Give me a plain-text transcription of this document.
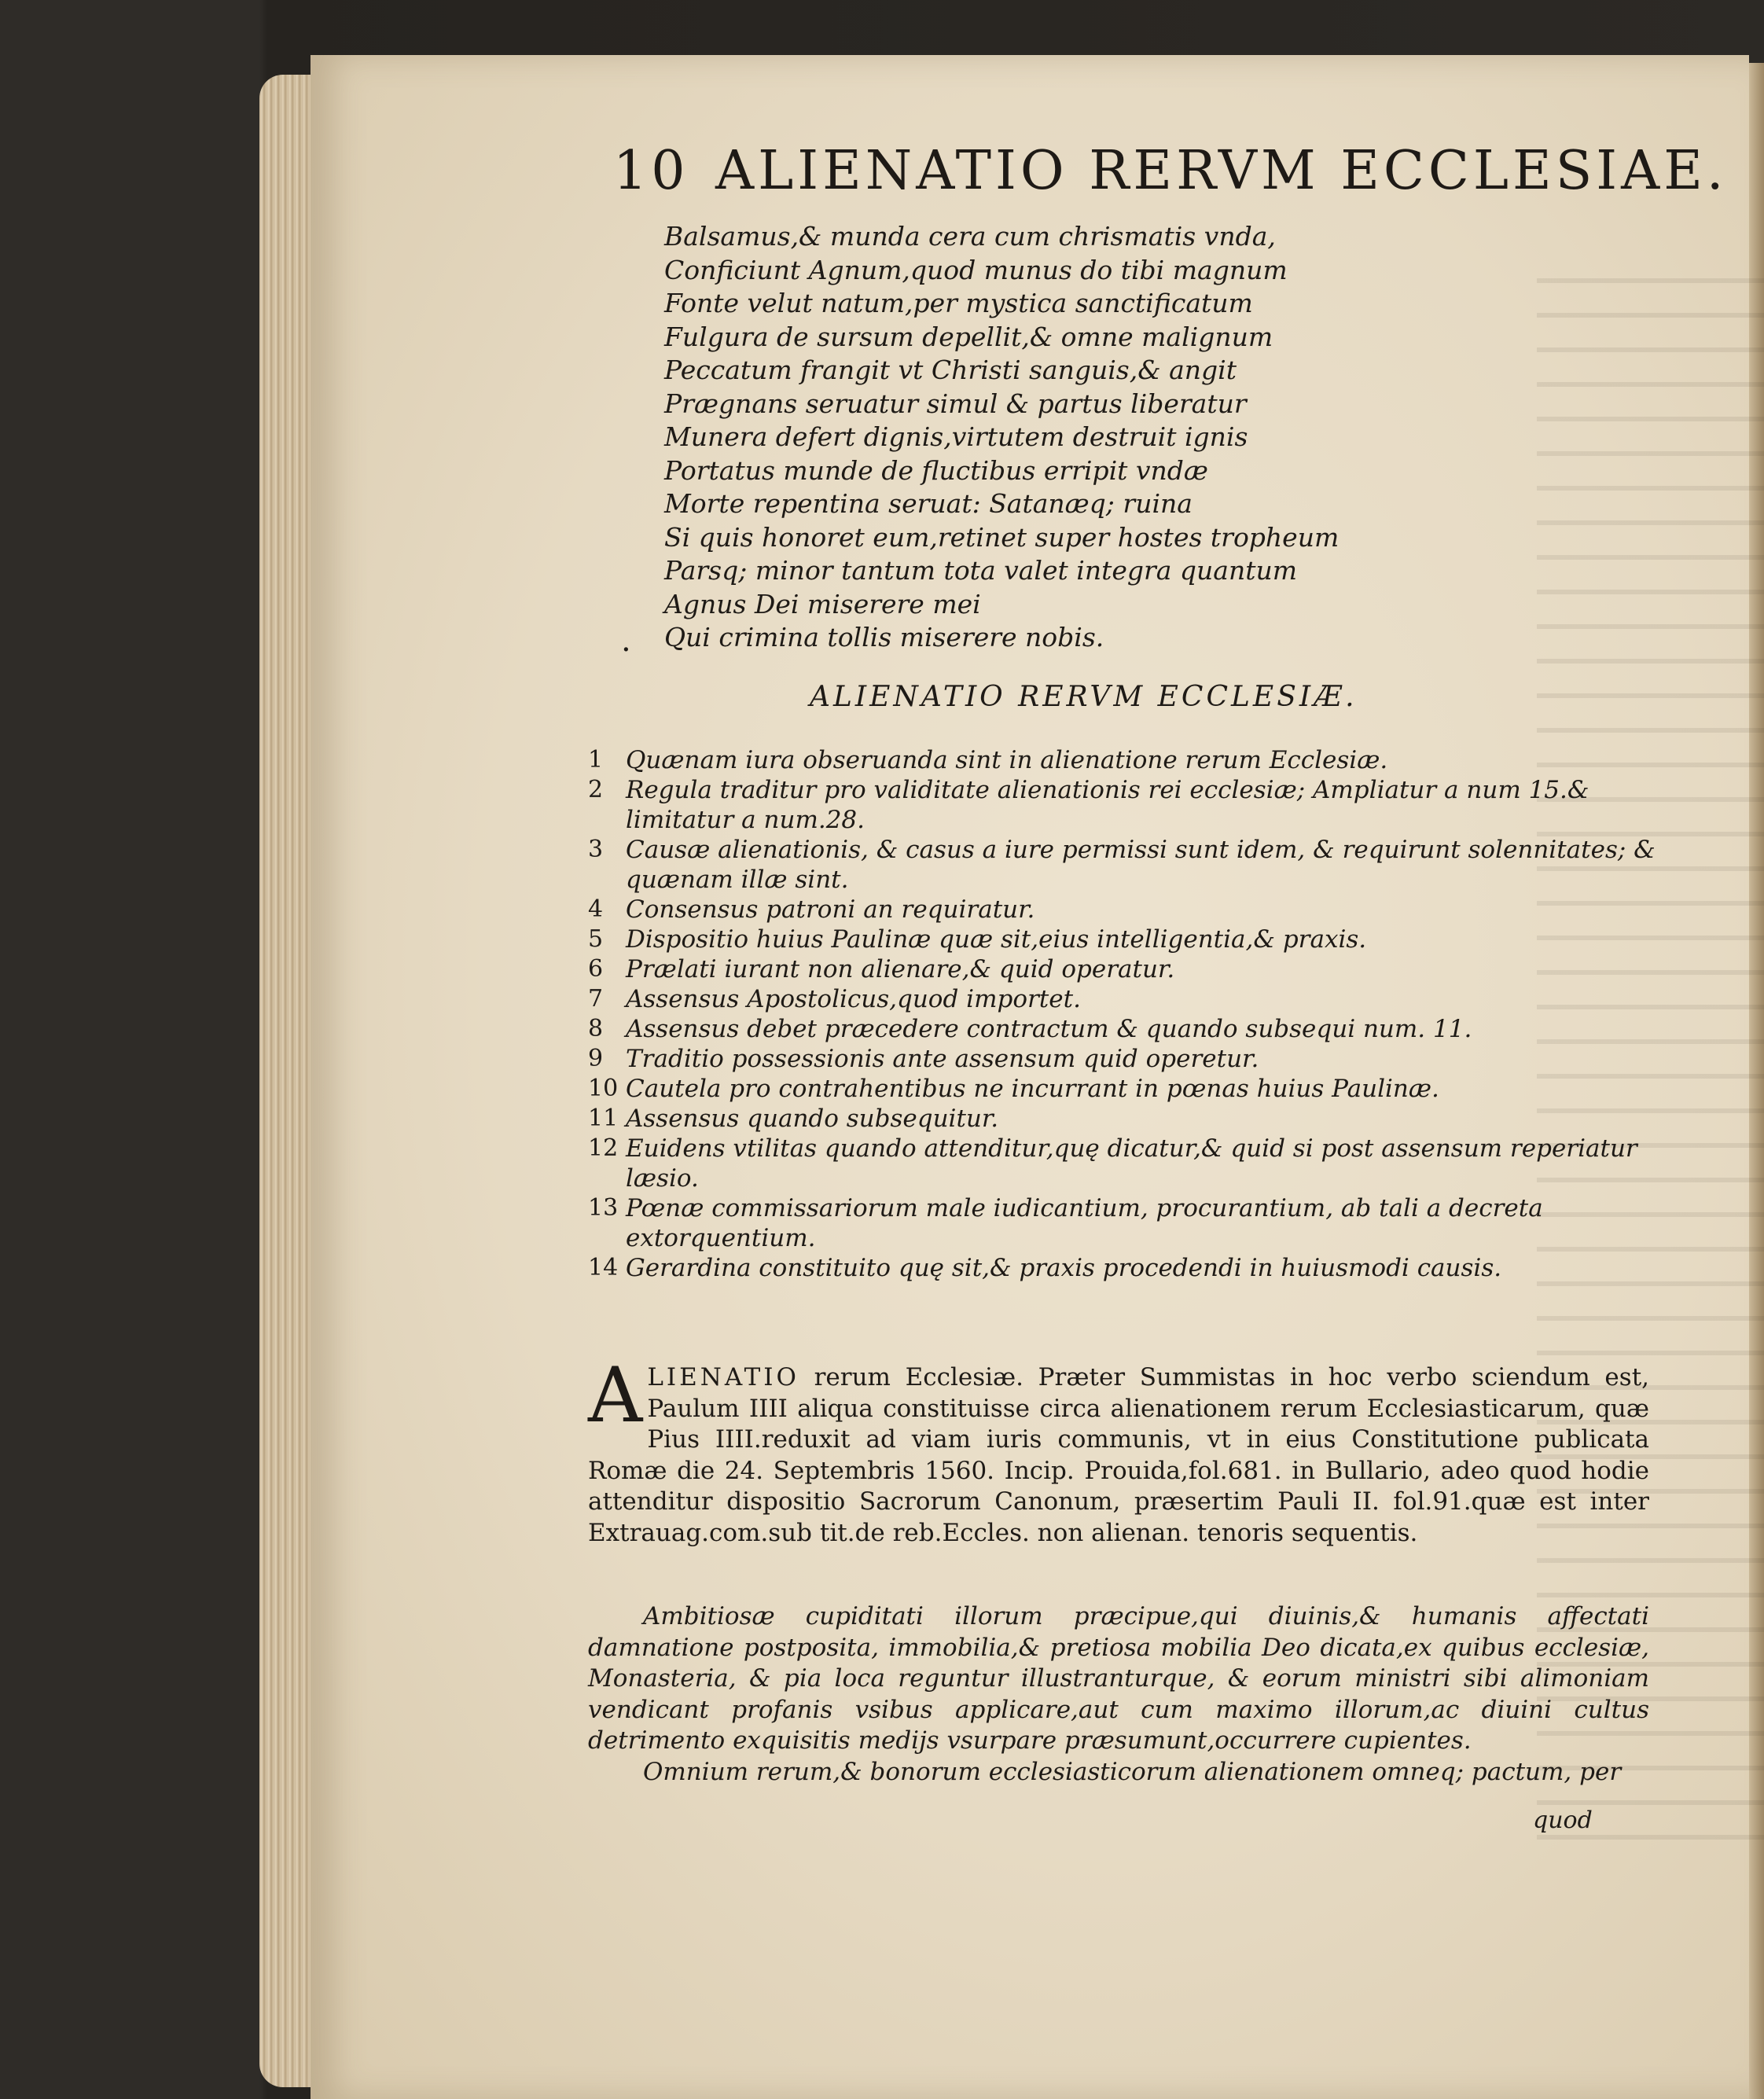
10 ALIENATIO RERVM ECCLESIAE.
Balsamus,& munda cera cum chrismatis vnda,
Conficiunt Agnum,quod munus do tibi magnum
Fonte velut natum,per mystica sanctificatum
Fulgura de sursum depellit,& omne malignum
Peccatum frangit vt Christi sanguis,& angit
Prægnans seruatur simul & partus liberatur
Munera defert dignis,virtutem destruit ignis
Portatus munde de fluctibus erripit vndæ
Morte repentina seruat: Satanæq; ruina
Si quis honoret eum,retinet super hostes tropheum
Parsq; minor tantum tota valet integra quantum
Agnus Dei miserere mei
Qui crimina tollis miserere nobis.
.
ALIENATIO RERVM ECCLESIÆ.
1 Quænam iura obseruanda sint in alienatione rerum Ecclesiæ.
2 Regula traditur pro validitate alienationis rei ecclesiæ; Ampliatur a num 15.& limitatur a num.28.
3 Causæ alienationis, & casus a iure permissi sunt idem, & requirunt solennitates; & quænam illæ sint.
4 Consensus patroni an requiratur.
5 Dispositio huius Paulinæ quæ sit,eius intelligentia,& praxis.
6 Prælati iurant non alienare,& quid operatur.
7 Assensus Apostolicus,quod importet.
8 Assensus debet præcedere contractum & quando subsequi num. 11.
9 Traditio possessionis ante assensum quid operetur.
10 Cautela pro contrahentibus ne incurrant in pœnas huius Paulinæ.
11 Assensus quando subsequitur.
12 Euidens vtilitas quando attenditur,quę dicatur,& quid si post assensum reperiatur læsio.
13 Pœnæ commissariorum male iudicantium, procurantium, ab tali a decreta extorquentium.
14 Gerardina constituito quę sit,& praxis procedendi in huiusmodi causis.
A LIENATIO rerum Ecclesiæ. Præter Summistas in hoc verbo sciendum est, Paulum IIII aliqua constituisse circa alienationem rerum Ecclesiasticarum, quæ Pius IIII.reduxit ad viam iuris communis, vt in eius Constitutione publicata Romæ die 24. Septembris 1560. Incip. Prouida,fol.681. in Bullario, adeo quod hodie attenditur dispositio Sacrorum Canonum, præsertim Pauli II. fol.91.quæ est inter Extrauag.com.sub tit.de reb.Eccles. non alienan. tenoris sequentis.

Ambitiosæ cupiditati illorum præcipue,qui diuinis,& humanis affectati damnatione postposita, immobilia,& pretiosa mobilia Deo dicata,ex quibus ecclesiæ, Monasteria, & pia loca reguntur illustranturque, & eorum ministri sibi alimoniam vendicant profanis vsibus applicare,aut cum maximo illorum,ac diuini cultus detrimento exquisitis medijs vsurpare præsumunt,occurrere cupientes.

Omnium rerum,& bonorum ecclesiasticorum alienationem omneq; pactum, per

quod
